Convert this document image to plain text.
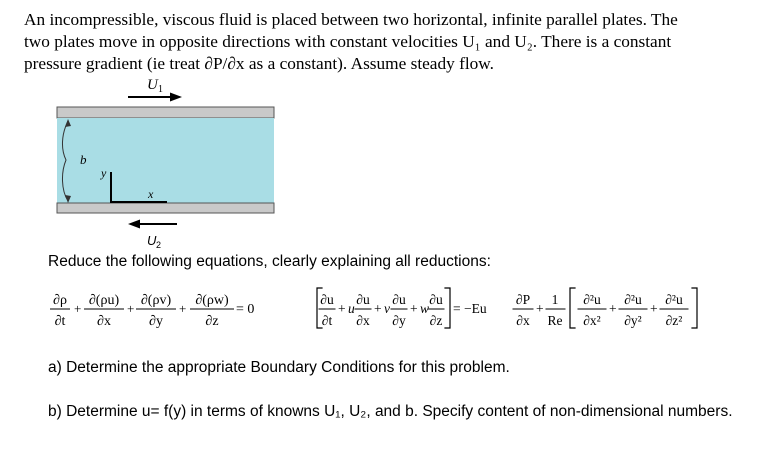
An incompressible, viscous fluid is placed between two horizontal, infinite parallel plates. The
two plates move in opposite directions with constant velocities U₁ and U₂. There is a constant
pressure gradient (ie treat ∂P/∂x as a constant). Assume steady flow.
U 1
b
y
x
U 2
Reduce the following equations, clearly explaining all reductions:
∂ρ
∂t
+
∂(ρu)
∂x
+
∂(ρv)
∂y
+
∂(ρw)
∂z
= 0
∂u
∂t
+ u
∂u
∂x
+ v
∂u
∂y
+ w
∂u
∂z
= −Eu
∂P
∂x
+
1
Re
∂²u
∂x²
+
∂²u
∂y²
+
∂²u
∂z²
a) Determine the appropriate Boundary Conditions for this problem.
b) Determine u= f(y) in terms of knowns U₁, U₂, and b. Specify content of non-dimensional numbers.
